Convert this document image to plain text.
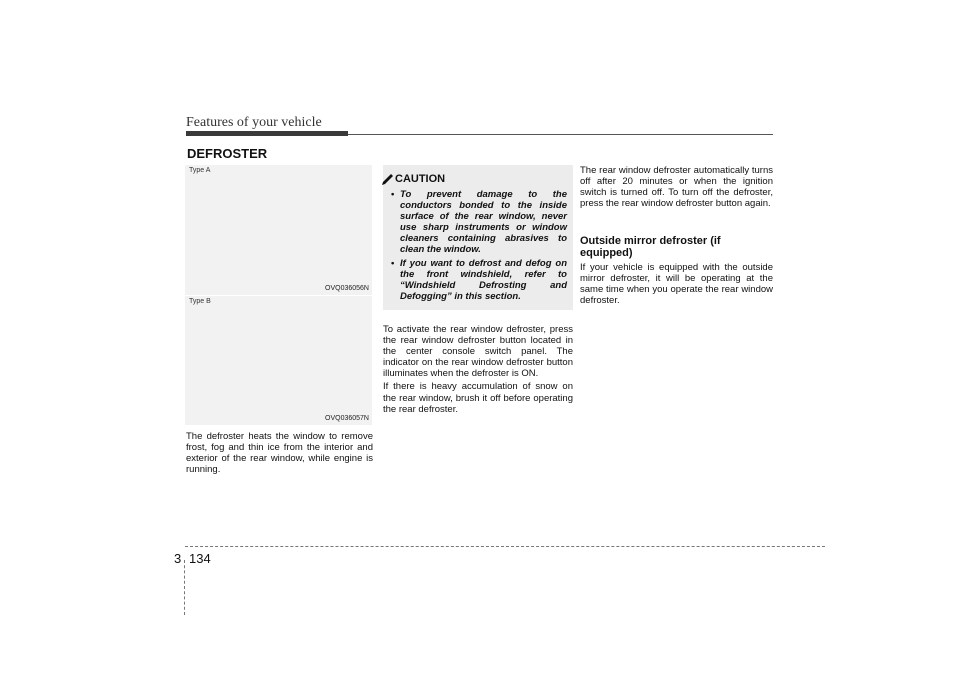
Features of your vehicle
DEFROSTER
Type A
OVQ036056N
Type B
OVQ036057N

The defroster heats the window to remove frost, fog and thin ice from the interior and exterior of the rear window, while engine is running.

CAUTION
• To prevent damage to the conductors bonded to the inside surface of the rear window, never use sharp instruments or window cleaners containing abrasives to clean the window.
• If you want to defrost and defog on the front windshield, refer to “Windshield Defrosting and Defogging” in this section.

To activate the rear window defroster, press the rear window defroster button located in the center console switch panel. The indicator on the rear window defroster button illuminates when the defroster is ON.

If there is heavy accumulation of snow on the rear window, brush it off before operating the rear defroster.

The rear window defroster automatically turns off after 20 minutes or when the ignition switch is turned off. To turn off the defroster, press the rear window defroster button again.

Outside mirror defroster (if equipped)

If your vehicle is equipped with the outside mirror defroster, it will be operating at the same time when you operate the rear window defroster.

3 134
